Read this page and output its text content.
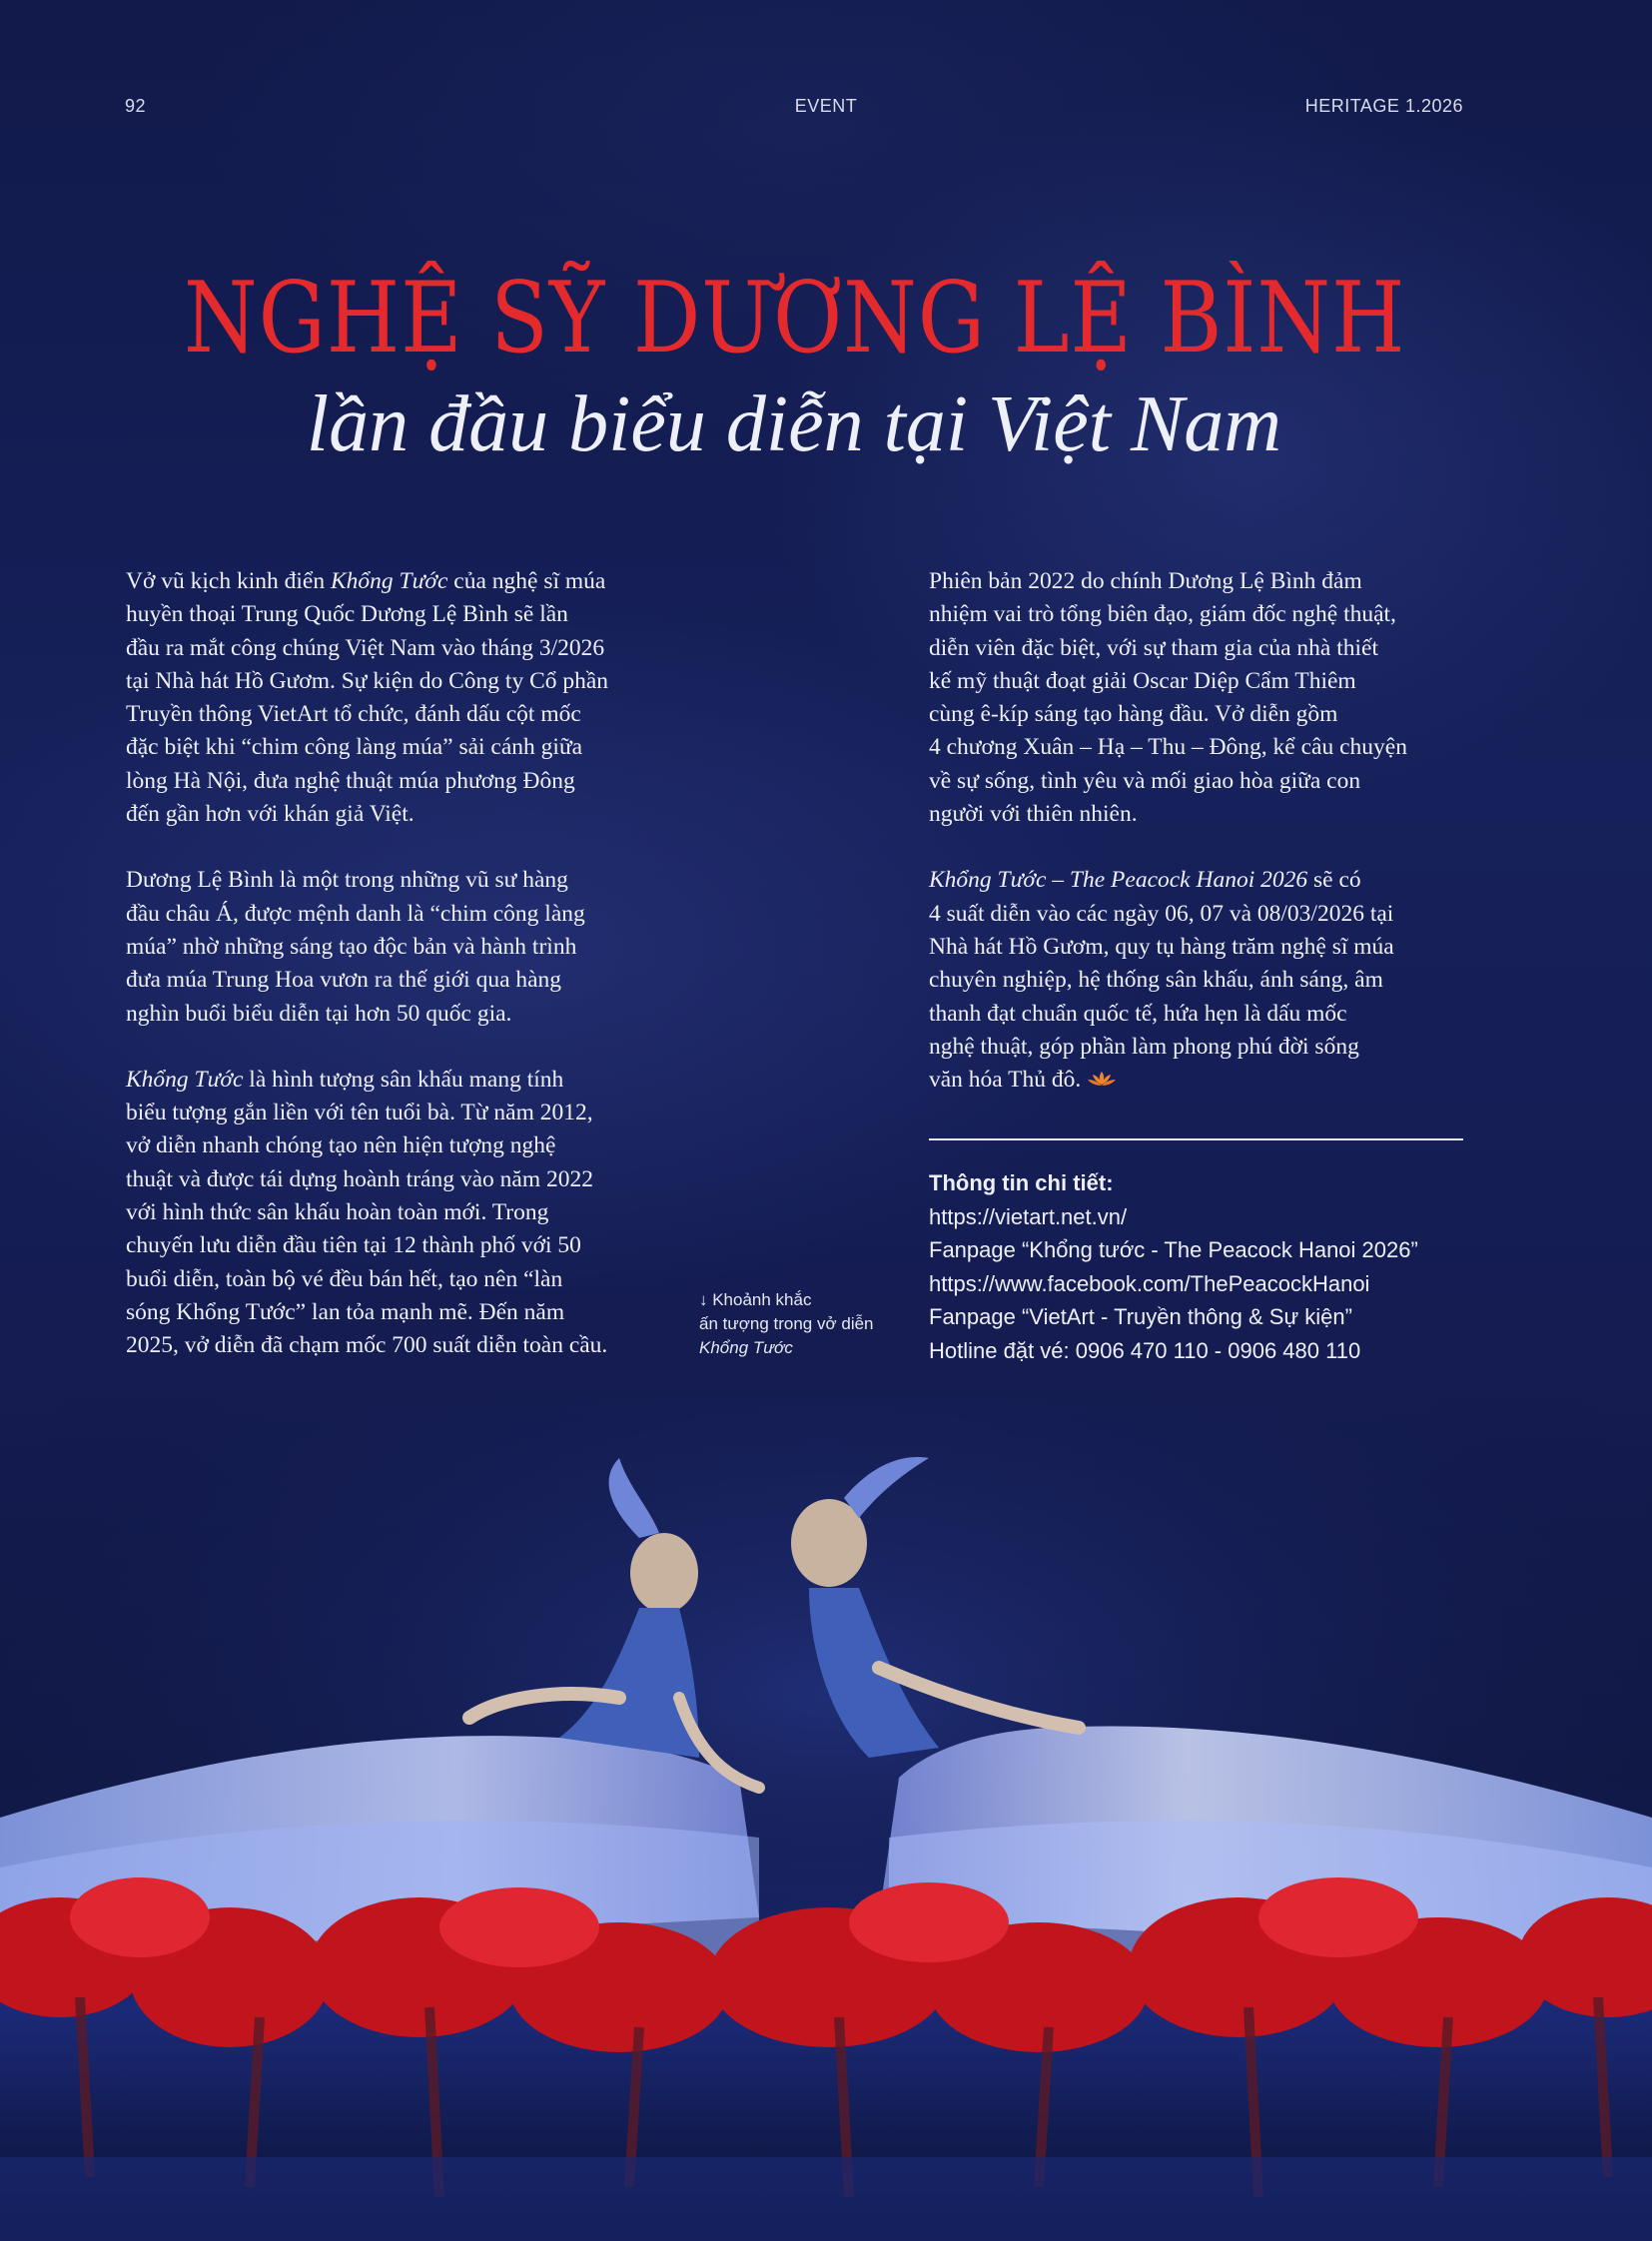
92	EVENT	HERITAGE 1.2026
NGHỆ SỸ DƯƠNG LỆ BÌNH
lần đầu biểu diễn tại Việt Nam

Vở vũ kịch kinh điển Khổng Tước của nghệ sĩ múa
huyền thoại Trung Quốc Dương Lệ Bình sẽ lần
đầu ra mắt công chúng Việt Nam vào tháng 3/2026
tại Nhà hát Hồ Gươm. Sự kiện do Công ty Cổ phần
Truyền thông VietArt tổ chức, đánh dấu cột mốc
đặc biệt khi “chim công làng múa” sải cánh giữa
lòng Hà Nội, đưa nghệ thuật múa phương Đông
đến gần hơn với khán giả Việt.

Dương Lệ Bình là một trong những vũ sư hàng
đầu châu Á, được mệnh danh là “chim công làng
múa” nhờ những sáng tạo độc bản và hành trình
đưa múa Trung Hoa vươn ra thế giới qua hàng
nghìn buổi biểu diễn tại hơn 50 quốc gia.

Khổng Tước là hình tượng sân khấu mang tính
biểu tượng gắn liền với tên tuổi bà. Từ năm 2012,
vở diễn nhanh chóng tạo nên hiện tượng nghệ
thuật và được tái dựng hoành tráng vào năm 2022
với hình thức sân khấu hoàn toàn mới. Trong
chuyến lưu diễn đầu tiên tại 12 thành phố với 50
buổi diễn, toàn bộ vé đều bán hết, tạo nên “làn
sóng Khổng Tước” lan tỏa mạnh mẽ. Đến năm
2025, vở diễn đã chạm mốc 700 suất diễn toàn cầu.

Phiên bản 2022 do chính Dương Lệ Bình đảm
nhiệm vai trò tổng biên đạo, giám đốc nghệ thuật,
diễn viên đặc biệt, với sự tham gia của nhà thiết
kế mỹ thuật đoạt giải Oscar Diệp Cẩm Thiêm
cùng ê-kíp sáng tạo hàng đầu. Vở diễn gồm
4 chương Xuân – Hạ – Thu – Đông, kể câu chuyện
về sự sống, tình yêu và mối giao hòa giữa con
người với thiên nhiên.

Khổng Tước – The Peacock Hanoi 2026 sẽ có
4 suất diễn vào các ngày 06, 07 và 08/03/2026 tại
Nhà hát Hồ Gươm, quy tụ hàng trăm nghệ sĩ múa
chuyên nghiệp, hệ thống sân khấu, ánh sáng, âm
thanh đạt chuẩn quốc tế, hứa hẹn là dấu mốc
nghệ thuật, góp phần làm phong phú đời sống
văn hóa Thủ đô.

Thông tin chi tiết:
https://vietart.net.vn/
Fanpage “Khổng tước - The Peacock Hanoi 2026”
https://www.facebook.com/ThePeacockHanoi
Fanpage “VietArt - Truyền thông & Sự kiện”
Hotline đặt vé: 0906 470 110 - 0906 480 110
↓ Khoảnh khắc
ấn tượng trong vở diễn
Khổng Tước
